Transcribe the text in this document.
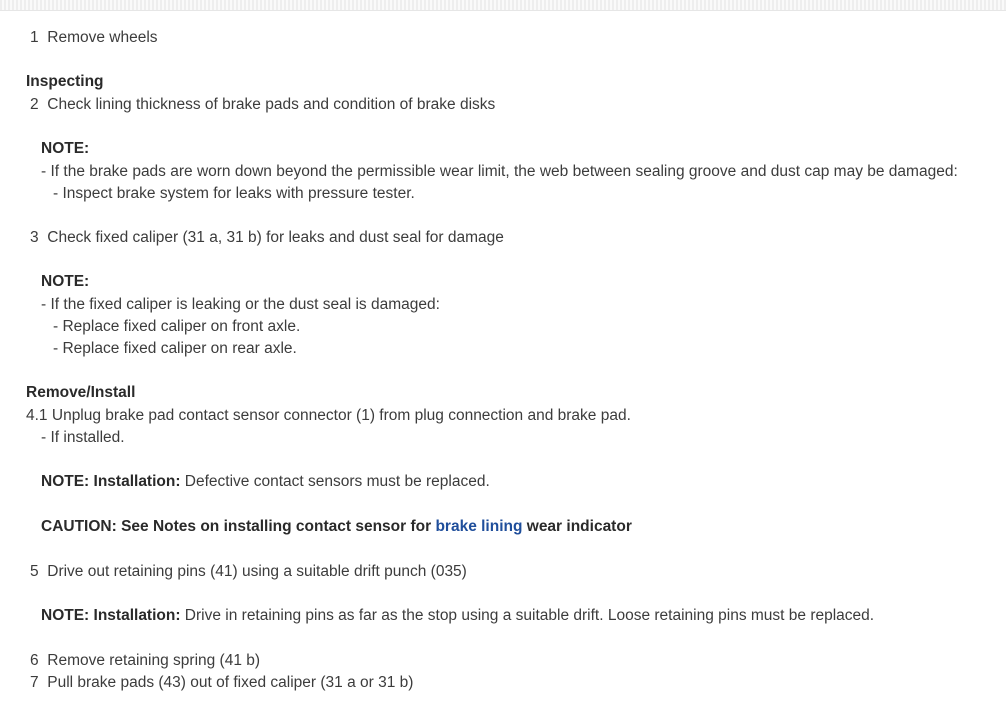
1 Remove wheels
Inspecting
2 Check lining thickness of brake pads and condition of brake disks
NOTE:
- If the brake pads are worn down beyond the permissible wear limit, the web between sealing groove and dust cap may be damaged:
- Inspect brake system for leaks with pressure tester.
3 Check fixed caliper (31 a, 31 b) for leaks and dust seal for damage
NOTE:
- If the fixed caliper is leaking or the dust seal is damaged:
- Replace fixed caliper on front axle.
- Replace fixed caliper on rear axle.
Remove/Install
4.1 Unplug brake pad contact sensor connector (1) from plug connection and brake pad.
- If installed.
NOTE: Installation: Defective contact sensors must be replaced.
CAUTION: See Notes on installing contact sensor for brake lining wear indicator
5 Drive out retaining pins (41) using a suitable drift punch (035)
NOTE: Installation: Drive in retaining pins as far as the stop using a suitable drift. Loose retaining pins must be replaced.
6 Remove retaining spring (41 b)
7 Pull brake pads (43) out of fixed caliper (31 a or 31 b)
